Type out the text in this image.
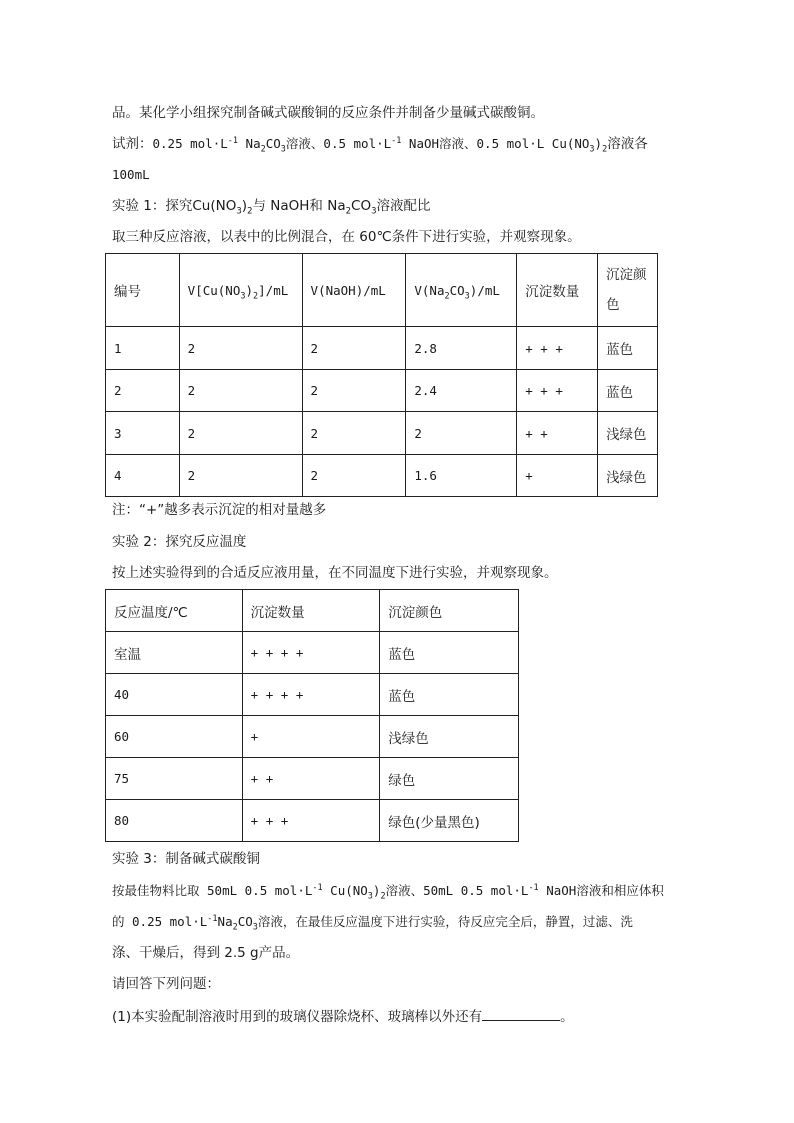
品。某化学小组探究制备碱式碳酸铜的反应条件并制备少量碱式碳酸铜。
试剂：0.25 $mol\cdot L^{-1}$ $Na_2CO_3$溶液、0.5 $mol\cdot L^{-1}$ NaOH溶液、0.5 mol·L $Cu(NO_3)_2$溶液各
100mL
实验 1：探究$Cu(NO_3)_2$与 NaOH和 $Na_2CO_3$溶液配比
取三种反应溶液，以表中的比例混合，在 60℃条件下进行实验，并观察现象。
编号	$V[Cu(NO_3)_2]/mL$	V(NaOH)/mL	$V(Na_2CO_3)/mL$	沉淀数量	沉淀颜
色
1	2	2	2.8	+ + +	蓝色
2	2	2	2.4	+ + +	蓝色
3	2	2	2	+ +	浅绿色
4	2	2	1.6	+	浅绿色
注：“+”越多表示沉淀的相对量越多
实验 2：探究反应温度
按上述实验得到的合适反应液用量，在不同温度下进行实验，并观察现象。
反应温度/℃	沉淀数量	沉淀颜色
室温	+ + + +	蓝色
40	+ + + +	蓝色
60	+	浅绿色
75	+ +	绿色
80	+ + +	绿色(少量黑色)
实验 3：制备碱式碳酸铜
按最佳物料比取 50mL 0.5 $mol\cdot L^{-1}$ $Cu(NO_3)_2$溶液、50mL 0.5 $mol\cdot L^{-1}$ NaOH溶液和相应体积
的 0.25 $mol\cdot L^{-1}Na_2CO_3$溶液，在最佳反应温度下进行实验，待反应完全后，静置，过滤、洗
涤、干燥后，得到 2.5 g产品。
请回答下列问题：
(1)本实验配制溶液时用到的玻璃仪器除烧杯、玻璃棒以外还有	。
